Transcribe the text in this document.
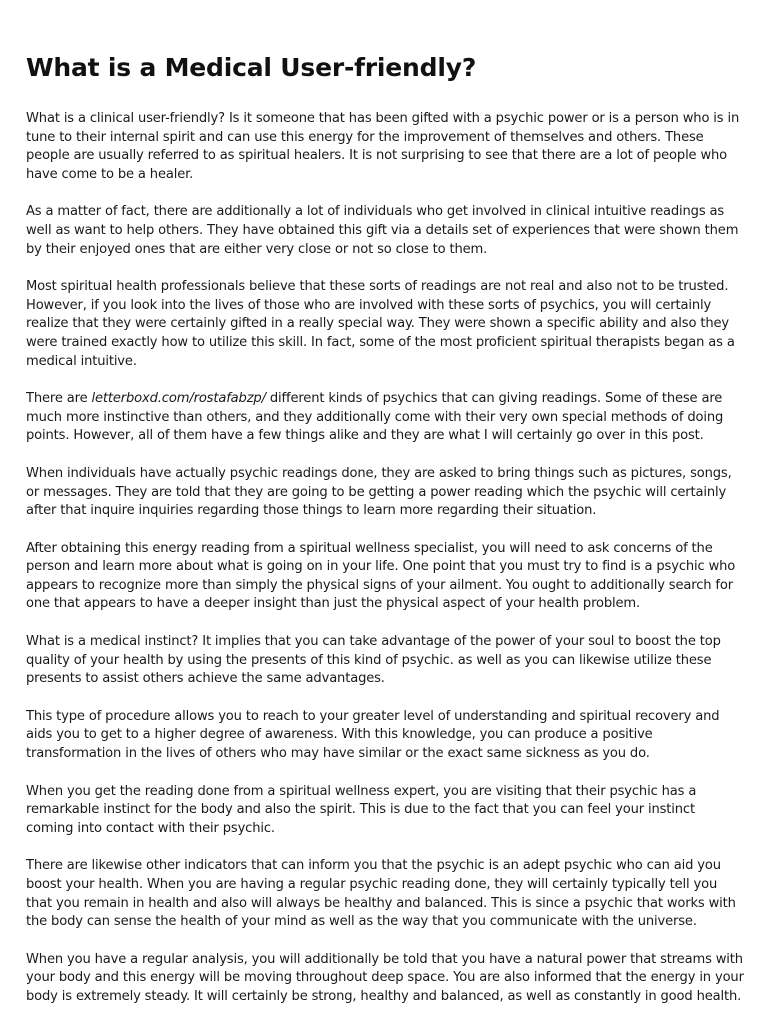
What is a Medical User-friendly?

What is a clinical user-friendly? Is it someone that has been gifted with a psychic power or is a person who is in tune to their internal spirit and can use this energy for the improvement of themselves and others. These people are usually referred to as spiritual healers. It is not surprising to see that there are a lot of people who have come to be a healer.

As a matter of fact, there are additionally a lot of individuals who get involved in clinical intuitive readings as well as want to help others. They have obtained this gift via a details set of experiences that were shown them by their enjoyed ones that are either very close or not so close to them.

Most spiritual health professionals believe that these sorts of readings are not real and also not to be trusted. However, if you look into the lives of those who are involved with these sorts of psychics, you will certainly realize that they were certainly gifted in a really special way. They were shown a specific ability and also they were trained exactly how to utilize this skill. In fact, some of the most proficient spiritual therapists began as a medical intuitive.

There are letterboxd.com/rostafabzp/ different kinds of psychics that can giving readings. Some of these are much more instinctive than others, and they additionally come with their very own special methods of doing points. However, all of them have a few things alike and they are what I will certainly go over in this post.

When individuals have actually psychic readings done, they are asked to bring things such as pictures, songs, or messages. They are told that they are going to be getting a power reading which the psychic will certainly after that inquire inquiries regarding those things to learn more regarding their situation.

After obtaining this energy reading from a spiritual wellness specialist, you will need to ask concerns of the person and learn more about what is going on in your life. One point that you must try to find is a psychic who appears to recognize more than simply the physical signs of your ailment. You ought to additionally search for one that appears to have a deeper insight than just the physical aspect of your health problem.

What is a medical instinct? It implies that you can take advantage of the power of your soul to boost the top quality of your health by using the presents of this kind of psychic. as well as you can likewise utilize these presents to assist others achieve the same advantages.

This type of procedure allows you to reach to your greater level of understanding and spiritual recovery and aids you to get to a higher degree of awareness. With this knowledge, you can produce a positive transformation in the lives of others who may have similar or the exact same sickness as you do.

When you get the reading done from a spiritual wellness expert, you are visiting that their psychic has a remarkable instinct for the body and also the spirit. This is due to the fact that you can feel your instinct coming into contact with their psychic.

There are likewise other indicators that can inform you that the psychic is an adept psychic who can aid you boost your health. When you are having a regular psychic reading done, they will certainly typically tell you that you remain in health and also will always be healthy and balanced. This is since a psychic that works with the body can sense the health of your mind as well as the way that you communicate with the universe.

When you have a regular analysis, you will additionally be told that you have a natural power that streams with your body and this energy will be moving throughout deep space. You are also informed that the energy in your body is extremely steady. It will certainly be strong, healthy and balanced, as well as constantly in good health.
